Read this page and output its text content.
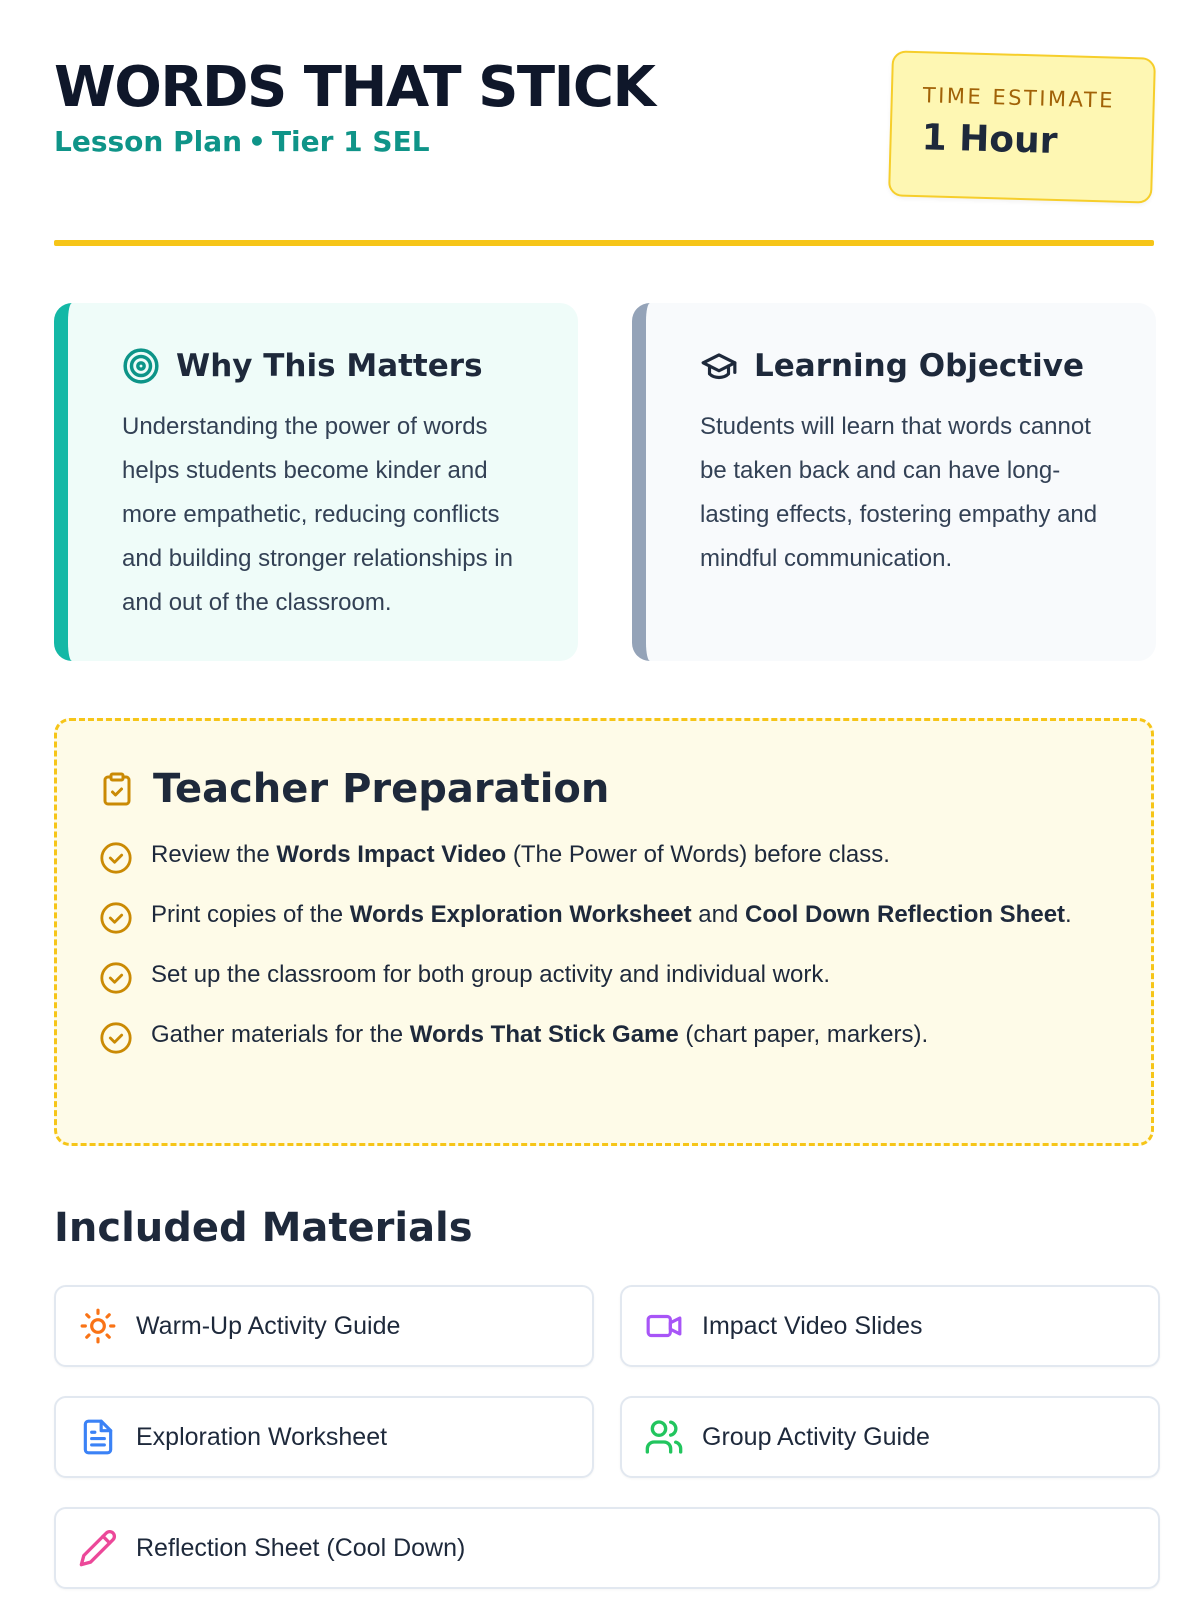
WORDS THAT STICK
Lesson Plan • Tier 1 SEL
TIME ESTIMATE
1 Hour
Why This Matters
Understanding the power of words helps students become kinder and more empathetic, reducing conflicts and building stronger relationships in and out of the classroom.
Learning Objective
Students will learn that words cannot be taken back and can have long-lasting effects, fostering empathy and mindful communication.
Teacher Preparation
Review the Words Impact Video (The Power of Words) before class.
Print copies of the Words Exploration Worksheet and Cool Down Reflection Sheet.
Set up the classroom for both group activity and individual work.
Gather materials for the Words That Stick Game (chart paper, markers).
Included Materials
Warm-Up Activity Guide	Impact Video Slides
Exploration Worksheet	Group Activity Guide
Reflection Sheet (Cool Down)
